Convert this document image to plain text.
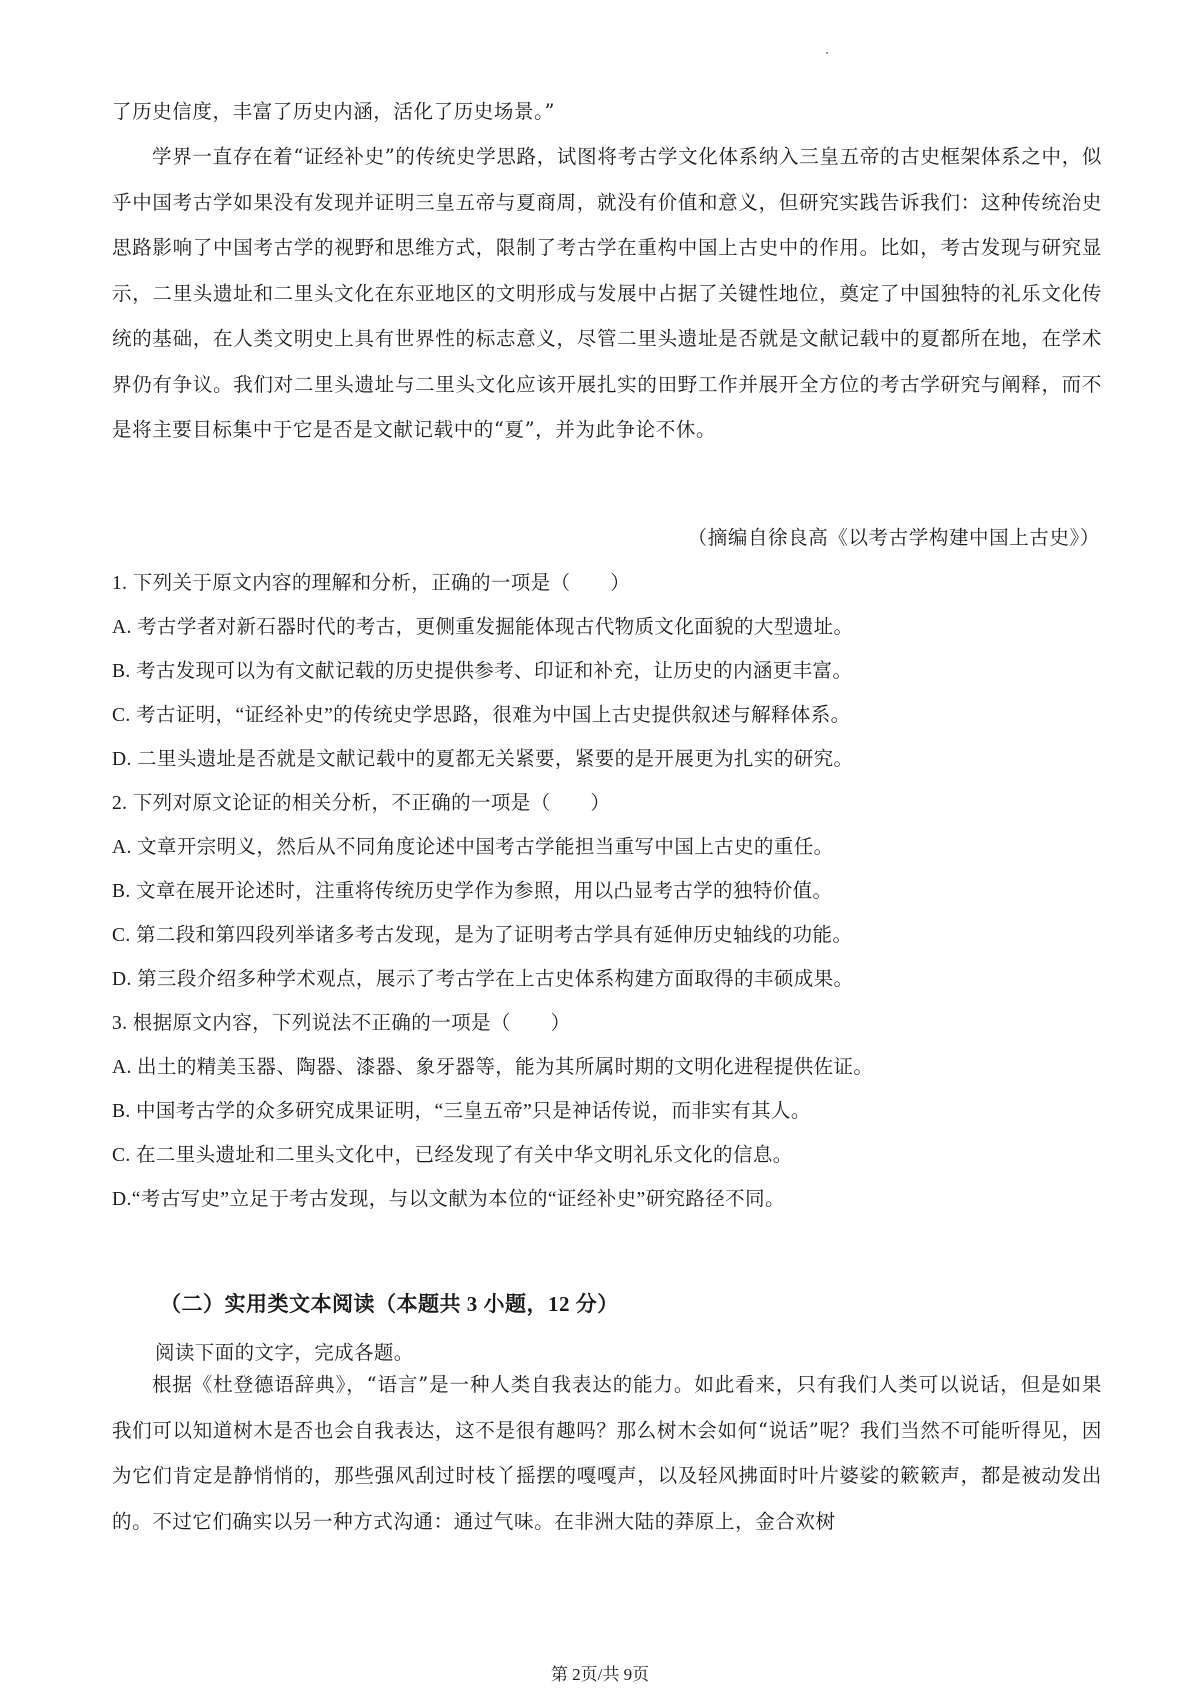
了历史信度，丰富了历史内涵，活化了历史场景。”

学界一直存在着“证经补史”的传统史学思路，试图将考古学文化体系纳入三皇五帝的古史框架体系之中，似乎中国考古学如果没有发现并证明三皇五帝与夏商周，就没有价值和意义，但研究实践告诉我们：这种传统治史思路影响了中国考古学的视野和思维方式，限制了考古学在重构中国上古史中的作用。比如，考古发现与研究显示，二里头遗址和二里头文化在东亚地区的文明形成与发展中占据了关键性地位，奠定了中国独特的礼乐文化传统的基础，在人类文明史上具有世界性的标志意义，尽管二里头遗址是否就是文献记载中的夏都所在地，在学术界仍有争议。我们对二里头遗址与二里头文化应该开展扎实的田野工作并展开全方位的考古学研究与阐释，而不是将主要目标集中于它是否是文献记载中的“夏”，并为此争论不休。

（摘编自徐良高《以考古学构建中国上古史》）
1. 下列关于原文内容的理解和分析，正确的一项是（　　）
A. 考古学者对新石器时代的考古，更侧重发掘能体现古代物质文化面貌的大型遗址。
B. 考古发现可以为有文献记载的历史提供参考、印证和补充，让历史的内涵更丰富。
C. 考古证明，“证经补史”的传统史学思路，很难为中国上古史提供叙述与解释体系。
D. 二里头遗址是否就是文献记载中的夏都无关紧要，紧要的是开展更为扎实的研究。
2. 下列对原文论证的相关分析，不正确的一项是（　　）
A. 文章开宗明义，然后从不同角度论述中国考古学能担当重写中国上古史的重任。
B. 文章在展开论述时，注重将传统历史学作为参照，用以凸显考古学的独特价值。
C. 第二段和第四段列举诸多考古发现，是为了证明考古学具有延伸历史轴线的功能。
D. 第三段介绍多种学术观点，展示了考古学在上古史体系构建方面取得的丰硕成果。
3. 根据原文内容，下列说法不正确的一项是（　　）
A. 出土的精美玉器、陶器、漆器、象牙器等，能为其所属时期的文明化进程提供佐证。
B. 中国考古学的众多研究成果证明，“三皇五帝”只是神话传说，而非实有其人。
C. 在二里头遗址和二里头文化中，已经发现了有关中华文明礼乐文化的信息。
D.“考古写史”立足于考古发现，与以文献为本位的“证经补史”研究路径不同。
（二）实用类文本阅读（本题共 3 小题，12 分）
阅读下面的文字，完成各题。

根据《杜登德语辞典》，“语言”是一种人类自我表达的能力。如此看来，只有我们人类可以说话，但是如果我们可以知道树木是否也会自我表达，这不是很有趣吗？那么树木会如何“说话”呢？我们当然不可能听得见，因为它们肯定是静悄悄的，那些强风刮过时枝丫摇摆的嘎嘎声，以及轻风拂面时叶片婆娑的簌簌声，都是被动发出的。不过它们确实以另一种方式沟通：通过气味。在非洲大陆的莽原上，金合欢树

第 2页/共 9页
